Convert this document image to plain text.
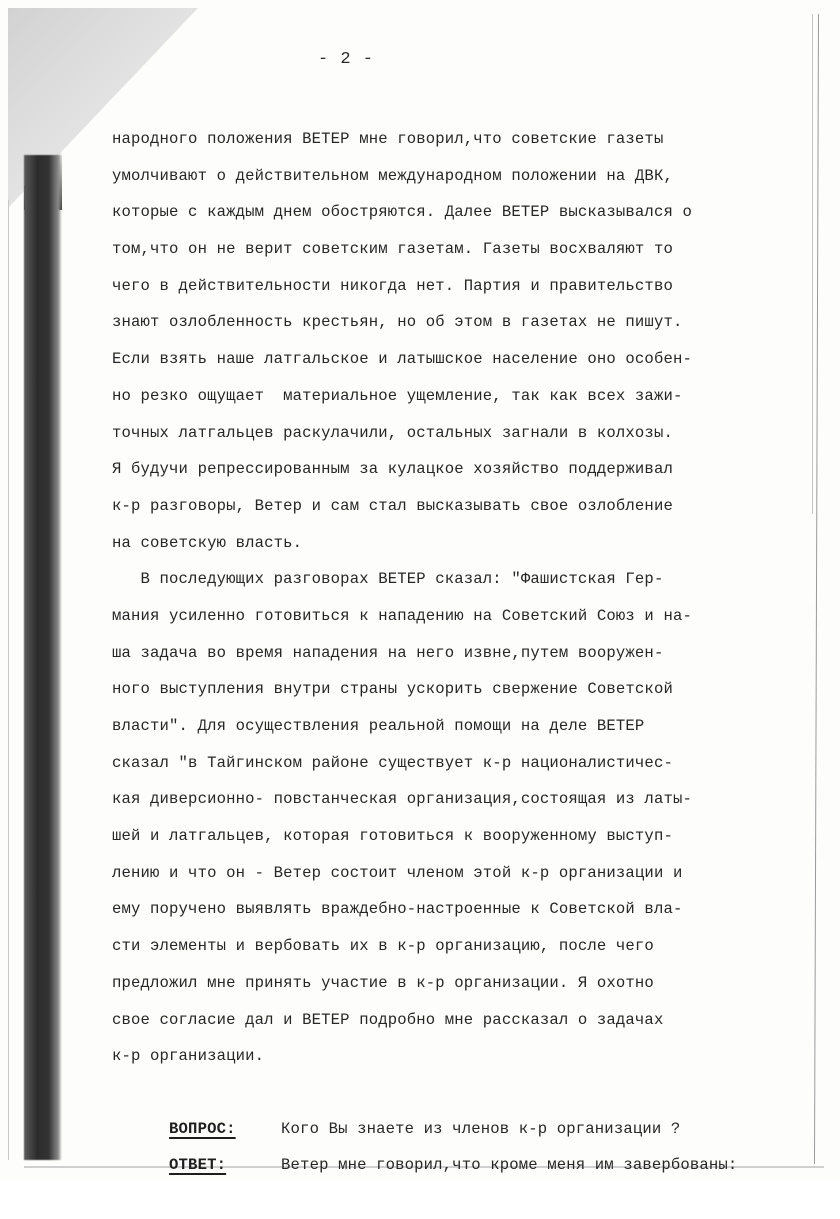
- 2 -
народного положения ВЕТЕР мне говорил,что советские газеты
умолчивают о действительном международном положении на ДВК,
которые с каждым днем обостряются. Далее ВЕТЕР высказывался о
том,что он не верит советским газетам. Газеты восхваляют то
чего в действительности никогда нет. Партия и правительство
знают озлобленность крестьян, но об этом в газетах не пишут.
Если взять наше латгальское и латышское население оно особен-
но резко ощущает  материальное ущемление, так как всех зажи-
точных латгальцев раскулачили, остальных загнали в колхозы.
Я будучи репрессированным за кулацкое хозяйство поддерживал
к-р разговоры, Ветер и сам стал высказывать свое озлобление
на советскую власть.
В последующих разговорах ВЕТЕР сказал: "Фашистская Гер-
мания усиленно готовиться к нападению на Советский Союз и на-
ша задача во время нападения на него извне,путем вооружен-
ного выступления внутри страны ускорить свержение Советской
власти". Для осуществления реальной помощи на деле ВЕТЕР
сказал "в Тайгинском районе существует к-р националистичес-
кая диверсионно- повстанческая организация,состоящая из латы-
шей и латгальцев, которая готовиться к вооруженному выступ-
лению и что он - Ветер состоит членом этой к-р организации и
ему поручено выявлять враждебно-настроенные к Советской вла-
сти элементы и вербовать их в к-р организацию, после чего
предложил мне принять участие в к-р организации. Я охотно
свое согласие дал и ВЕТЕР подробно мне рассказал о задачах
к-р организации.

ВОПРОС:	Кого Вы знаете из членов к-р организации ?

ОТВЕТ:	Ветер мне говорил,что кроме меня им завербованы:
